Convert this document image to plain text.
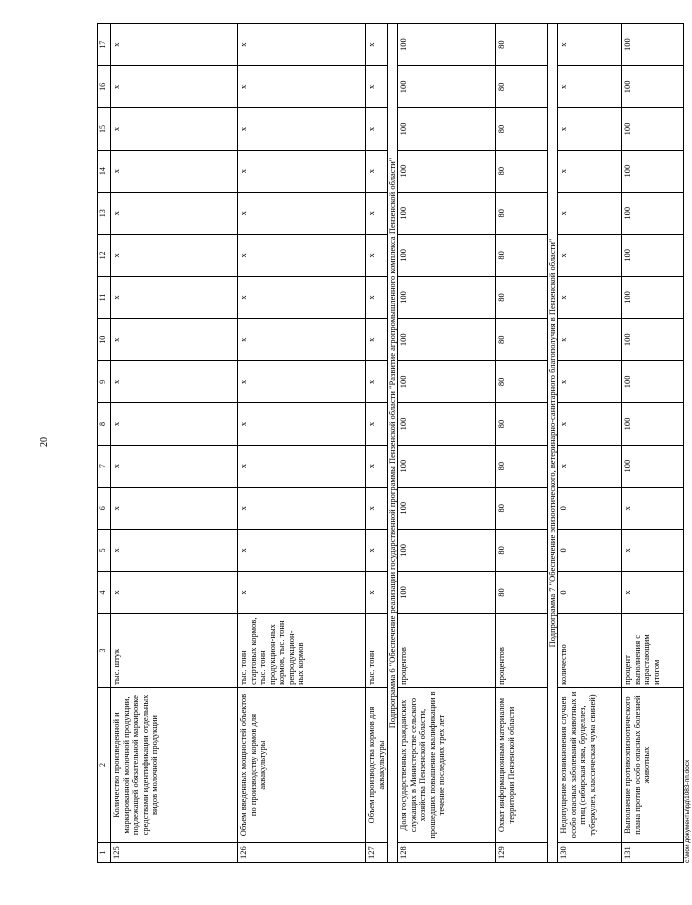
20
1	2	3	4	5	6	7	8	9	10	11	12	13	14	15	16	17
125	Количество произведенной и маркированной молочной продукции, подлежащей обязательной маркировке средствами идентификации отдельных видов молочной продукции	тыс. штук	x	x	x	x	x	x	x	x	x	x	x	x	x	x
126	Объем введенных мощностей объектов по производству кормов для аквакультуры	тыс. тонн стартовых кормов, тыс. тонн продукцион-ных кормов, тыс. тонн репродукцион-ных кормов	x	x	x	x	x	x	x	x	x	x	x	x	x	x
127	Объем производства кормов для аквакультуры	тыс. тонн	x	x	x	x	x	x	x	x	x	x	x	x	x	x
Подпрограмма 6 "Обеспечение реализации государственной программы Пензенской области "Развитие агропромышленного комплекса Пензенской области"																
128	Доля государственных гражданских служащих в Министерстве сельского хозяйства Пензенской области, прошедших повышение квалификации в течение последних трех лет	процентов	100	100	100	100	100	100	100	100	100	100	100	100	100	100
129	Охват информационным материалом территории Пензенской области	процентов	80	80	80	80	80	80	80	80	80	80	80	80	80	80
Подпрограмма 7 "Обеспечение эпизоотического, ветеринарно-санитарного благополучия в Пензенской области"																
130	Недопущение возникновения случаев особо опасных заболеваний животных и птиц (сибирская язва, бруцеллез, туберкулез, классическая чума свиней)	количество	0	0	0	x	x	x	x	x	x	x	x	x	x	x
131	Выполнение противоэпизоотического плана против особо опасных болезней животных	процент выполнения с нарастающим итогом	x	x	x	100	100	100	100	100	100	100	100	100	100	100
c:\мои документы\рд\1083-пп.docx
